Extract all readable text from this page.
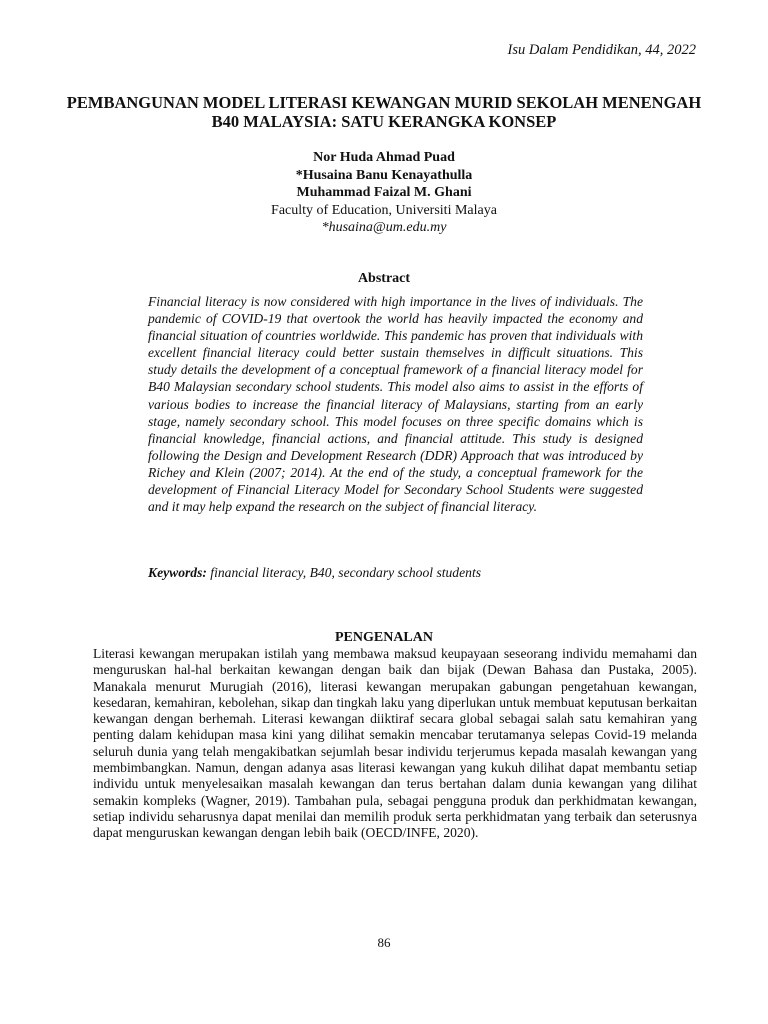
Isu Dalam Pendidikan, 44, 2022
PEMBANGUNAN MODEL LITERASI KEWANGAN MURID SEKOLAH MENENGAH B40 MALAYSIA: SATU KERANGKA KONSEP
Nor Huda Ahmad Puad
*Husaina Banu Kenayathulla
Muhammad Faizal M. Ghani
Faculty of Education, Universiti Malaya
*husaina@um.edu.my
Abstract

Financial literacy is now considered with high importance in the lives of individuals. The pandemic of COVID-19 that overtook the world has heavily impacted the economy and financial situation of countries worldwide. This pandemic has proven that individuals with excellent financial literacy could better sustain themselves in difficult situations. This study details the development of a conceptual framework of a financial literacy model for B40 Malaysian secondary school students. This model also aims to assist in the efforts of various bodies to increase the financial literacy of Malaysians, starting from an early stage, namely secondary school. This model focuses on three specific domains which is financial knowledge, financial actions, and financial attitude. This study is designed following the Design and Development Research (DDR) Approach that was introduced by Richey and Klein (2007; 2014). At the end of the study, a conceptual framework for the development of Financial Literacy Model for Secondary School Students were suggested and it may help expand the research on the subject of financial literacy.

Keywords: financial literacy, B40, secondary school students

PENGENALAN

Literasi kewangan merupakan istilah yang membawa maksud keupayaan seseorang individu memahami dan menguruskan hal-hal berkaitan kewangan dengan baik dan bijak (Dewan Bahasa dan Pustaka, 2005). Manakala menurut Murugiah (2016), literasi kewangan merupakan gabungan pengetahuan kewangan, kesedaran, kemahiran, kebolehan, sikap dan tingkah laku yang diperlukan untuk membuat keputusan berkaitan kewangan dengan berhemah. Literasi kewangan diiktiraf secara global sebagai salah satu kemahiran yang penting dalam kehidupan masa kini yang dilihat semakin mencabar terutamanya selepas Covid-19 melanda seluruh dunia yang telah mengakibatkan sejumlah besar individu terjerumus kepada masalah kewangan yang membimbangkan. Namun, dengan adanya asas literasi kewangan yang kukuh dilihat dapat membantu setiap individu untuk menyelesaikan masalah kewangan dan terus bertahan dalam dunia kewangan yang dilihat semakin kompleks (Wagner, 2019). Tambahan pula, sebagai pengguna produk dan perkhidmatan kewangan, setiap individu seharusnya dapat menilai dan memilih produk serta perkhidmatan yang terbaik dan seterusnya dapat menguruskan kewangan dengan lebih baik (OECD/INFE, 2020).

86
